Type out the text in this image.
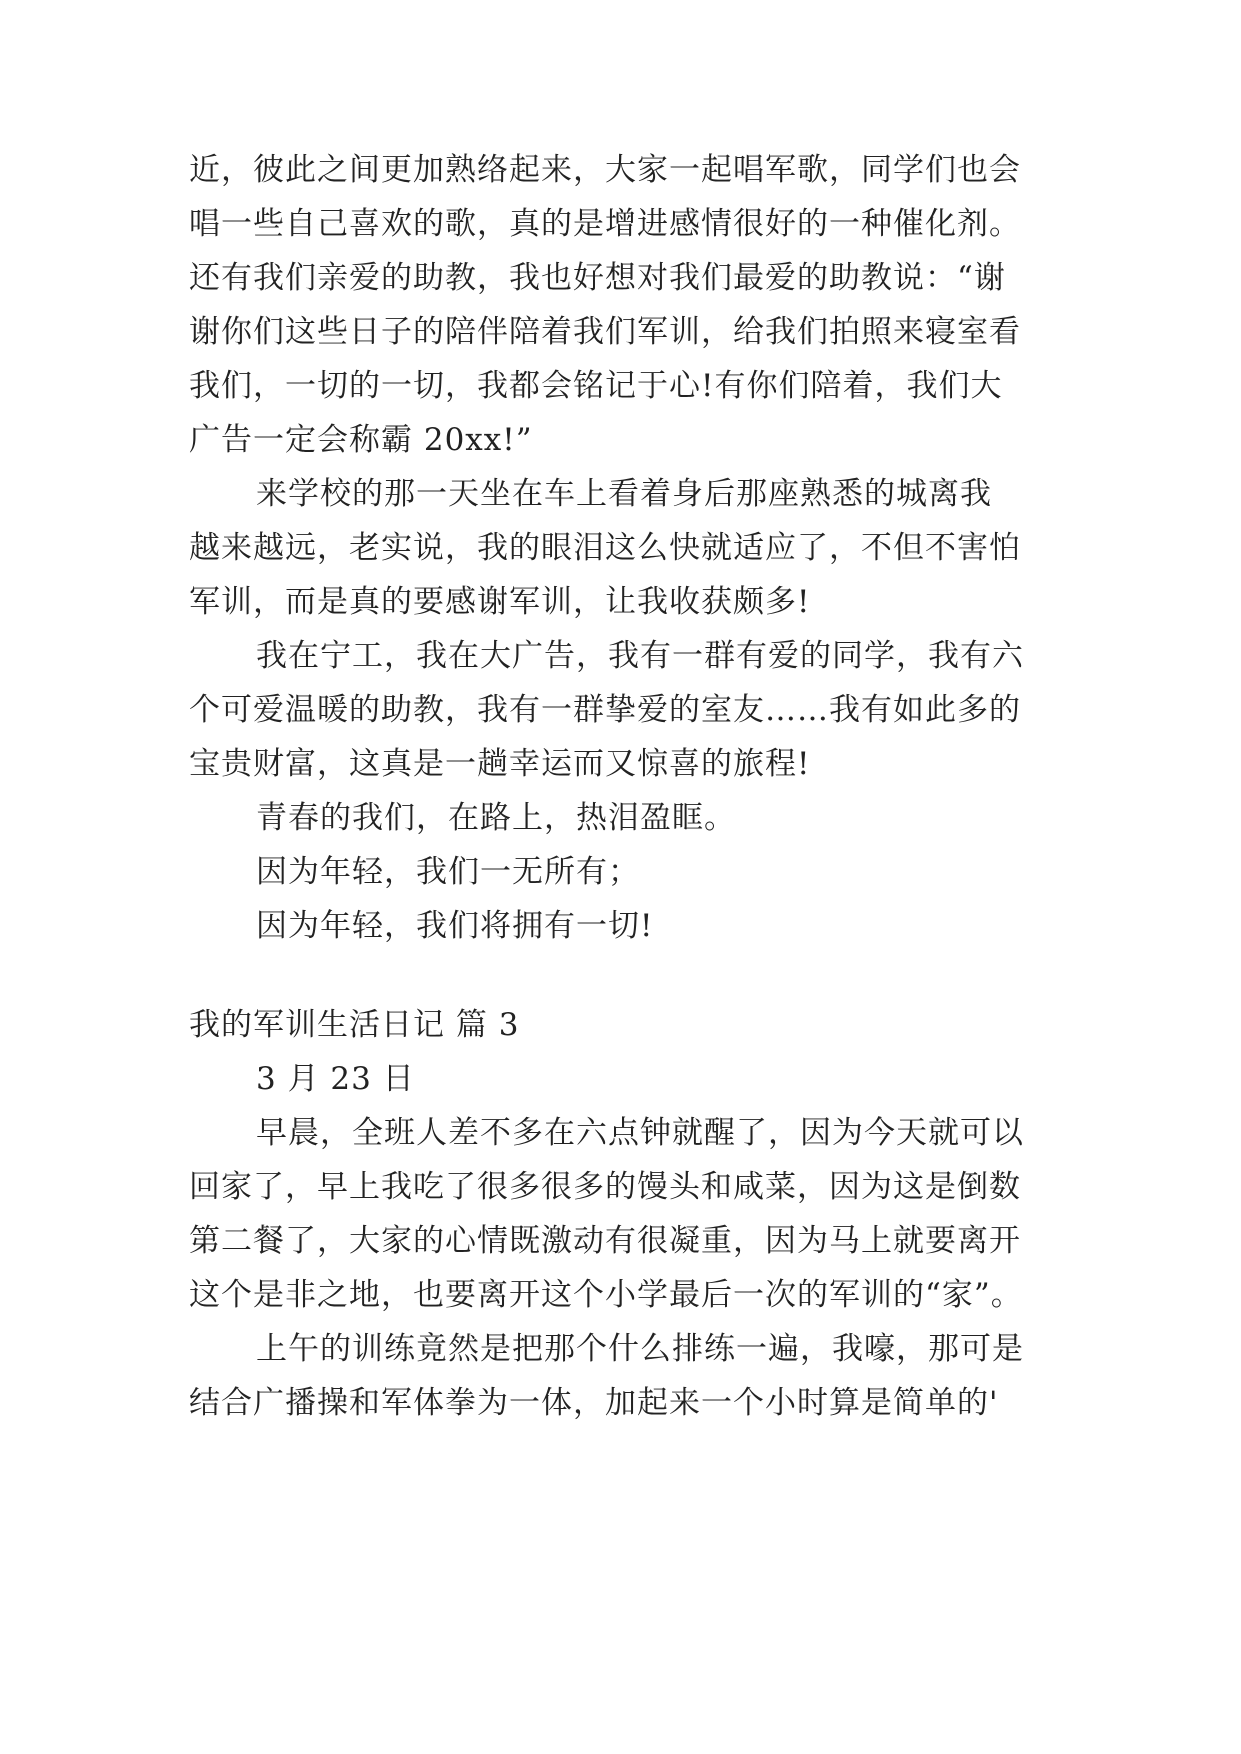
近，彼此之间更加熟络起来，大家一起唱军歌，同学们也会
唱一些自己喜欢的歌，真的是增进感情很好的一种催化剂。
还有我们亲爱的助教，我也好想对我们最爱的助教说：“谢
谢你们这些日子的陪伴陪着我们军训，给我们拍照来寝室看
我们，一切的一切，我都会铭记于心!有你们陪着，我们大
广告一定会称霸 20xx!”
来学校的那一天坐在车上看着身后那座熟悉的城离我
越来越远，老实说，我的眼泪这么快就适应了，不但不害怕
军训，而是真的要感谢军训，让我收获颇多!
我在宁工，我在大广告，我有一群有爱的同学，我有六
个可爱温暖的助教，我有一群挚爱的室友……我有如此多的
宝贵财富，这真是一趟幸运而又惊喜的旅程!
青春的我们，在路上，热泪盈眶。
因为年轻，我们一无所有；
因为年轻，我们将拥有一切!
我的军训生活日记 篇 3
3 月 23 日
早晨，全班人差不多在六点钟就醒了，因为今天就可以
回家了，早上我吃了很多很多的馒头和咸菜，因为这是倒数
第二餐了，大家的心情既激动有很凝重，因为马上就要离开
这个是非之地，也要离开这个小学最后一次的军训的“家”。
上午的训练竟然是把那个什么排练一遍，我嚎，那可是
结合广播操和军体拳为一体，加起来一个小时算是简单的'
